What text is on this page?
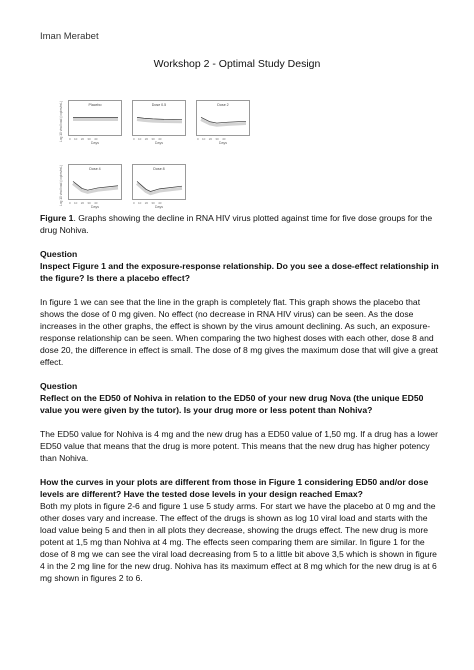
Iman Merabet
Workshop 2 - Optimal Study Design
Placebo
Log 10 viral load (copies/mL) 0 10 20 30 40
Days
Dose 0.5
0 10 20 30 40
Days
Dose 2
0 10 20 30 40
Days
Dose 4
Log 10 viral load (copies/mL) 0 10 20 30 40
Days
Dose 8
0 10 20 30 40
Days

Figure 1. Graphs showing the decline in RNA HIV virus plotted against time for five dose groups for the drug Nohiva.

Question

Inspect Figure 1 and the exposure-response relationship. Do you see a dose-effect relationship in the figure? Is there a placebo effect?

In figure 1 we can see that the line in the graph is completely flat. This graph shows the placebo that shows the dose of 0 mg given. No effect (no decrease in RNA HIV virus) can be seen. As the dose increases in the other graphs, the effect is shown by the virus amount declining. As such, an exposure-response relationship can be seen. When comparing the two highest doses with each other, dose 8 and dose 20, the difference in effect is small. The dose of 8 mg gives the maximum dose that will give a great effect.

Question

Reflect on the ED50 of Nohiva in relation to the ED50 of your new drug Nova (the unique ED50 value you were given by the tutor). Is your drug more or less potent than Nohiva?

The ED50 value for Nohiva is 4 mg and the new drug has a ED50 value of 1,50 mg. If a drug has a lower ED50 value that means that the drug is more potent. This means that the new drug has higher potency than Nohiva.

How the curves in your plots are different from those in Figure 1 considering ED50 and/or dose levels are different? Have the tested dose levels in your design reached Emax?

Both my plots in figure 2-6 and figure 1 use 5 study arms. For start we have the placebo at 0 mg and the other doses vary and increase. The effect of the drugs is shown as log 10 viral load and starts with the load value being 5 and then in all plots they decrease, showing the drugs effect. The new drug is more potent at 1,5 mg than Nohiva at 4 mg. The effects seen comparing them are similar. In figure 1 for the dose of 8 mg we can see the viral load decreasing from 5 to a little bit above 3,5 which is shown in figure 4 in the 2 mg line for the new drug. Nohiva has its maximum effect at 8 mg which for the new drug is at 6 mg shown in figures 2 to 6.
